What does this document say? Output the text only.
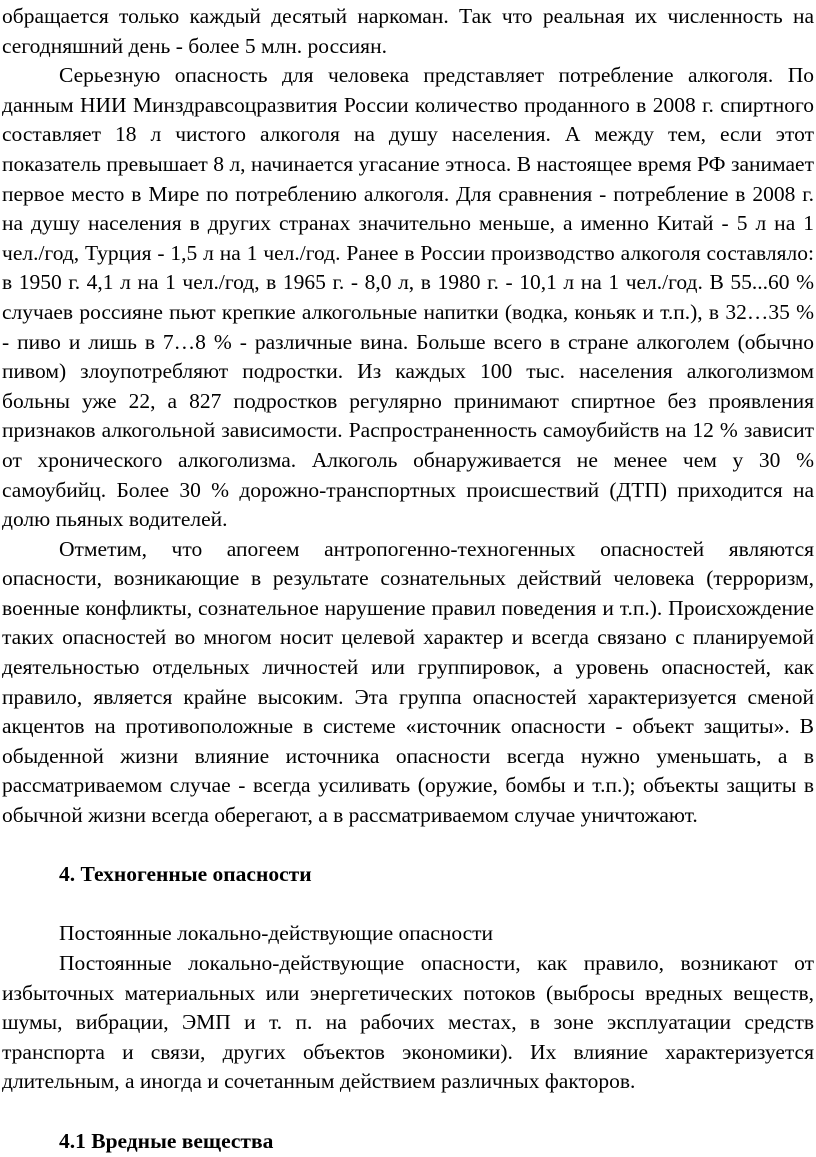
обращается только каждый десятый наркоман. Так что реальная их численность на сегодняшний день - более 5 млн. россиян.

Серьезную опасность для человека представляет потребление алкоголя. По данным НИИ Минздравсоцразвития России количество проданного в 2008 г. спиртного составляет 18 л чистого алкоголя на душу населения. А между тем, если этот показатель превышает 8 л, начинается угасание этноса. В настоящее время РФ занимает первое место в Мире по потреблению алкоголя. Для сравнения - потребление в 2008 г. на душу населения в других странах значительно меньше, а именно Китай - 5 л на 1 чел./год, Турция - 1,5 л на 1 чел./год. Ранее в России производство алкоголя составляло: в 1950 г. 4,1 л на 1 чел./год, в 1965 г. - 8,0 л, в 1980 г. - 10,1 л на 1 чел./год. В 55...60 % случаев россияне пьют крепкие алкогольные напитки (водка, коньяк и т.п.), в 32…35 % - пиво и лишь в 7…8 % - различные вина. Больше всего в стране алкоголем (обычно пивом) злоупотребляют подростки. Из каждых 100 тыс. населения алкоголизмом больны уже 22, а 827 подростков регулярно принимают спиртное без проявления признаков алкогольной зависимости. Распространенность самоубийств на 12 % зависит от хронического алкоголизма. Алкоголь обнаруживается не менее чем у 30 % самоубийц. Более 30 % дорожно-транспортных происшествий (ДТП) приходится на долю пьяных водителей.

Отметим, что апогеем антропогенно-техногенных опасностей являются опасности, возникающие в результате сознательных действий человека (терроризм, военные конфликты, сознательное нарушение правил поведения и т.п.). Происхождение таких опасностей во многом носит целевой характер и всегда связано с планируемой деятельностью отдельных личностей или группировок, а уровень опасностей, как правило, является крайне высоким. Эта группа опасностей характеризуется сменой акцентов на противоположные в системе «источник опасности - объект защиты». В обыденной жизни влияние источника опасности всегда нужно уменьшать, а в рассматриваемом случае - всегда усиливать (оружие, бомбы и т.п.); объекты защиты в обычной жизни всегда оберегают, а в рассматриваемом случае уничтожают.

4. Техногенные опасности
Постоянные локально-действующие опасности

Постоянные локально-действующие опасности, как правило, возникают от избыточных материальных или энергетических потоков (выбросы вредных веществ, шумы, вибрации, ЭМП и т. п. на рабочих местах, в зоне эксплуатации средств транспорта и связи, других объектов экономики). Их влияние характеризуется длительным, а иногда и сочетанным действием различных факторов.

4.1 Вредные вещества
